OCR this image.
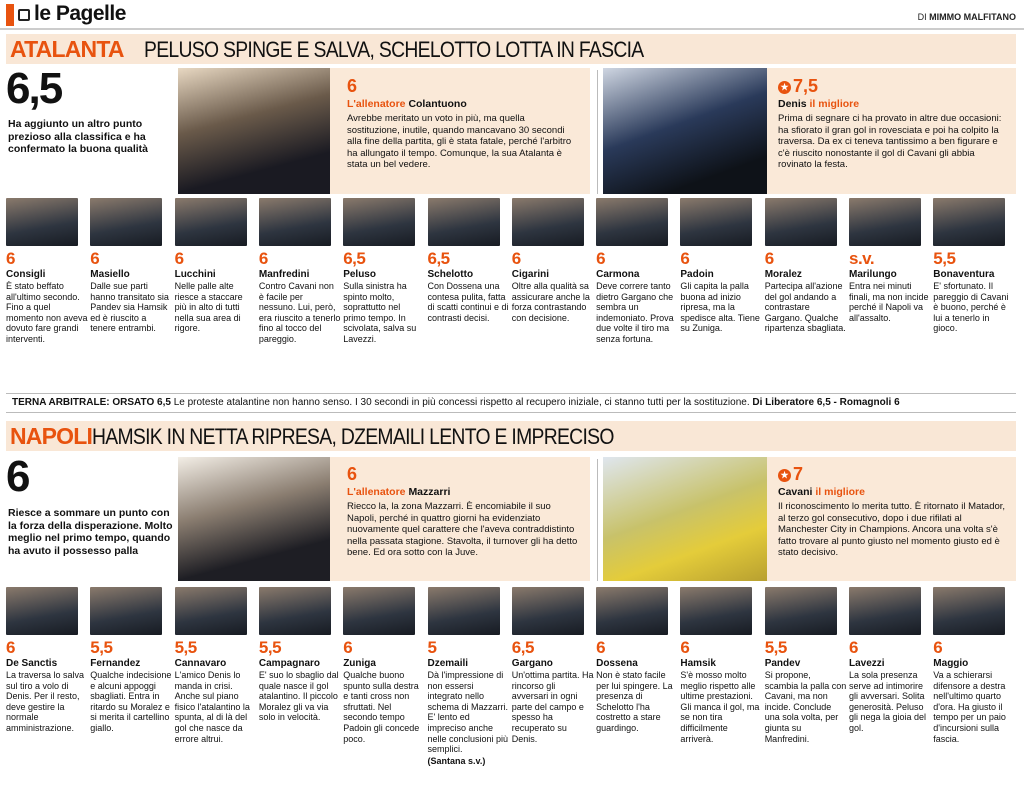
le Pagelle	DI MIMMO MALFITANO
ATALANTA PELUSO SPINGE E SALVA, SCHELOTTO LOTTA IN FASCIA
6,5
Ha aggiunto un altro punto prezioso alla classifica e ha confermato la buona qualità
6
L'allenatore Colantuono
Avrebbe meritato un voto in più, ma quella sostituzione, inutile, quando mancavano 30 secondi alla fine della partita, gli è stata fatale, perché l'arbitro ha allungato il tempo. Comunque, la sua Atalanta è stata un bel vedere.
★ 7,5
Denis il migliore
Prima di segnare ci ha provato in altre due occasioni: ha sfiorato il gran gol in rovesciata e poi ha colpito la traversa. Da ex ci teneva tantissimo a ben figurare e c'è riuscito nonostante il gol di Cavani gli abbia rovinato la festa.
6
Consigli
È stato beffato all'ultimo secondo. Fino a quel momento non aveva dovuto fare grandi interventi.
6
Masiello
Dalle sue parti hanno transitato sia Pandev sia Hamsik ed è riuscito a tenere entrambi.
6
Lucchini
Nelle palle alte riesce a staccare più in alto di tutti nella sua area di rigore.
6
Manfredini
Contro Cavani non è facile per nessuno. Lui, però, era riuscito a tenerlo fino al tocco del pareggio.
6,5
Peluso
Sulla sinistra ha spinto molto, soprattutto nel primo tempo. In scivolata, salva su Lavezzi.
6,5
Schelotto
Con Dossena una contesa pulita, fatta di scatti continui e di contrasti decisi.
6
Cigarini
Oltre alla qualità sa assicurare anche la forza contrastando con decisione.
6
Carmona
Deve correre tanto dietro Gargano che sembra un indemoniato. Prova due volte il tiro ma senza fortuna.
6
Padoin
Gli capita la palla buona ad inizio ripresa, ma la spedisce alta. Tiene su Zuniga.
6
Moralez
Partecipa all'azione del gol andando a contrastare Gargano. Qualche ripartenza sbagliata.
s.v.
Marilungo
Entra nei minuti finali, ma non incide perché il Napoli va all'assalto.
5,5
Bonaventura
E' sfortunato. Il pareggio di Cavani è buono, perché è lui a tenerlo in gioco.
TERNA ARBITRALE: ORSATO 6,5 Le proteste atalantine non hanno senso. I 30 secondi in più concessi rispetto al recupero iniziale, ci stanno tutti per la sostituzione. Di Liberatore 6,5 - Romagnoli 6
NAPOLI HAMSIK IN NETTA RIPRESA, DZEMAILI LENTO E IMPRECISO
6
Riesce a sommare un punto con la forza della disperazione. Molto meglio nel primo tempo, quando ha avuto il possesso palla
6
L'allenatore Mazzarri
Riecco la, la zona Mazzarri. È encomiabile il suo Napoli, perché in quattro giorni ha evidenziato nuovamente quel carattere che l'aveva contraddistinto nella passata stagione. Stavolta, il turnover gli ha detto bene. Ed ora sotto con la Juve.
★ 7
Cavani il migliore
Il riconoscimento lo merita tutto. È ritornato il Matador, al terzo gol consecutivo, dopo i due rifilati al Manchester City in Champions. Ancora una volta s'è fatto trovare al punto giusto nel momento giusto ed è stato decisivo.
6
De Sanctis
La traversa lo salva sul tiro a volo di Denis. Per il resto, deve gestire la normale amministrazione.
5,5
Fernandez
Qualche indecisione e alcuni appoggi sbagliati. Entra in ritardo su Moralez e si merita il cartellino giallo.
5,5
Cannavaro
L'amico Denis lo manda in crisi. Anche sul piano fisico l'atalantino la spunta, al di là del gol che nasce da errore altrui.
5,5
Campagnaro
E' suo lo sbaglio dal quale nasce il gol atalantino. Il piccolo Moralez gli va via solo in velocità.
6
Zuniga
Qualche buono spunto sulla destra e tanti cross non sfruttati. Nel secondo tempo Padoin gli concede poco.
5
Dzemaili
Dà l'impressione di non essersi integrato nello schema di Mazzarri. E' lento ed impreciso anche nelle conclusioni più semplici.
(Santana s.v.)
6,5
Gargano
Un'ottima partita. Ha rincorso gli avversari in ogni parte del campo e spesso ha recuperato su Denis.
6
Dossena
Non è stato facile per lui spingere. La presenza di Schelotto l'ha costretto a stare guardingo.
6
Hamsik
S'è mosso molto meglio rispetto alle ultime prestazioni. Gli manca il gol, ma se non tira difficilmente arriverà.
5,5
Pandev
Si propone, scambia la palla con Cavani, ma non incide. Conclude una sola volta, per giunta su Manfredini.
6
Lavezzi
La sola presenza serve ad intimorire gli avversari. Solita generosità. Peluso gli nega la gioia del gol.
6
Maggio
Va a schierarsi difensore a destra nell'ultimo quarto d'ora. Ha giusto il tempo per un paio d'incursioni sulla fascia.
